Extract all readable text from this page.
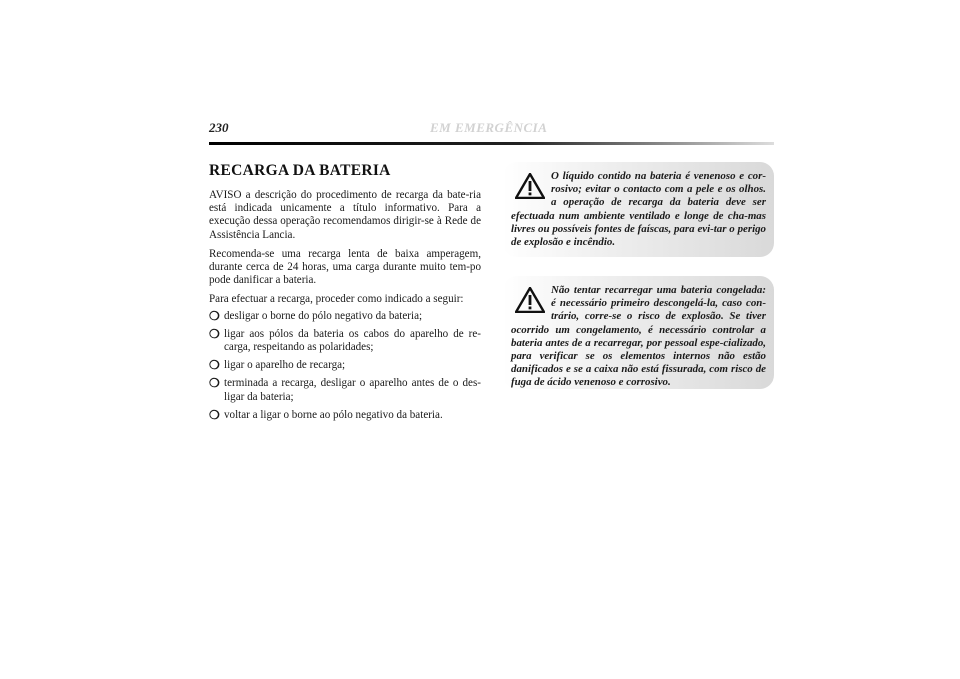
230	EM EMERGÊNCIA
RECARGA DA BATERIA

AVISO a descrição do procedimento de recarga da bate-ria está indicada unicamente a título informativo. Para a execução dessa operação recomendamos dirigir-se à Rede de Assistência Lancia.

Recomenda-se uma recarga lenta de baixa amperagem, durante cerca de 24 horas, uma carga durante muito tem-po pode danificar a bateria.

Para efectuar a recarga, proceder como indicado a seguir:

❍ desligar o borne do pólo negativo da bateria;
❍ ligar aos pólos da bateria os cabos do aparelho de re-carga, respeitando as polaridades;
❍ ligar o aparelho de recarga;
❍ terminada a recarga, desligar o aparelho antes de o des-ligar da bateria;
❍ voltar a ligar o borne ao pólo negativo da bateria.
O líquido contido na bateria é venenoso e cor-rosivo; evitar o contacto com a pele e os olhos. a operação de recarga da bateria deve ser efectuada num ambiente ventilado e longe de cha-mas livres ou possíveis fontes de faíscas, para evi-tar o perigo de explosão e incêndio.
Não tentar recarregar uma bateria congelada: é necessário primeiro descongelá-la, caso con-trário, corre-se o risco de explosão. Se tiver ocorrido um congelamento, é necessário controlar a bateria antes de a recarregar, por pessoal espe-cializado, para verificar se os elementos internos não estão danificados e se a caixa não está fissurada, com risco de fuga de ácido venenoso e corrosivo.
